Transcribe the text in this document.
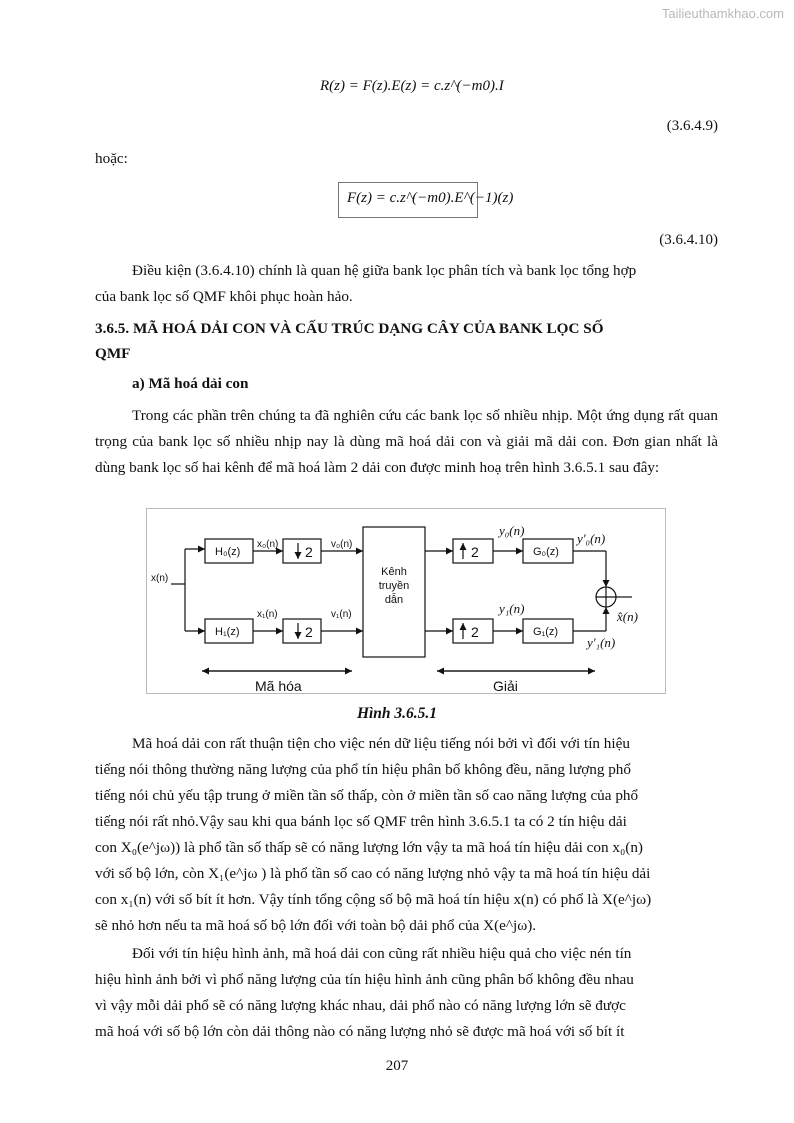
Tailieuthamkhao.com
R(z) = F(z).E(z) = c.z^(−m0).I
(3.6.4.9)
hoặc:
F(z) = c.z^(−m0).E^(−1)(z)
(3.6.4.10)
Điều kiện (3.6.4.10) chính là quan hệ giữa bank lọc phân tích và bank lọc tổng hợp
của bank lọc số QMF khôi phục hoàn hảo.
3.6.5. MÃ HOÁ DẢI CON VÀ CẤU TRÚC DẠNG CÂY CỦA BANK LỌC SỐ
QMF
a) Mã hoá dải con
Trong các phần trên chúng ta đã nghiên cứu các bank lọc số nhiều nhịp. Một ứng dụng rất quan trọng của bank lọc số nhiều nhịp nay là dùng mã hoá dải con và giải mã dải con. Đơn gian nhất là dùng bank lọc số hai kênh để mã hoá làm 2 dải con được minh hoạ trên hình 3.6.5.1 sau đây:
x(n)
x₀(n)
x₁(n)
v₀(n)
v₁(n)
H₀(z)
H₁(z)
G₀(z)
G₁(z)
2
2
2
2
Kênh
truyền
dẫn
y₀(n)
y₁(n)
y'₀(n)
y'₁(n)
x̂(n)
Mã hóa	Giải
Hình 3.6.5.1
Mã hoá dải con rất thuận tiện cho việc nén dữ liệu tiếng nói bởi vì đối với tín hiệu
tiếng nói thông thường năng lượng của phổ tín hiệu phân bố không đều, năng lượng phổ
tiếng nói chủ yếu tập trung ở miền tần số thấp, còn ở miền tần số cao năng lượng của phổ
tiếng nói rất nhỏ.Vậy sau khi qua bánh lọc số QMF trên hình 3.6.5.1 ta có 2 tín hiệu dải
con X₀(e^jω)) là phổ tần số thấp sẽ có năng lượng lớn vậy ta mã hoá tín hiệu dải con x₀(n)
với số bộ lớn, còn X₁(e^jω ) là phổ tần số cao có năng lượng nhỏ vậy ta mã hoá tín hiệu dải
con x₁(n) với số bít ít hơn. Vậy tính tổng cộng số bộ mã hoá tín hiệu x(n) có phổ là X(e^jω)
sẽ nhỏ hơn nếu ta mã hoá số bộ lớn đối với toàn bộ dải phổ của X(e^jω).
Đối với tín hiệu hình ảnh, mã hoá dải con cũng rất nhiều hiệu quả cho việc nén tín
hiệu hình ảnh bởi vì phổ năng lượng của tín hiệu hình ảnh cũng phân bố không đều nhau
vì vậy mỗi dải phổ sẽ có năng lượng khác nhau, dải phổ nào có năng lượng lớn sẽ được
mã hoá với số bộ lớn còn dải thông nào có năng lượng nhỏ sẽ được mã hoá với số bít ít
207
